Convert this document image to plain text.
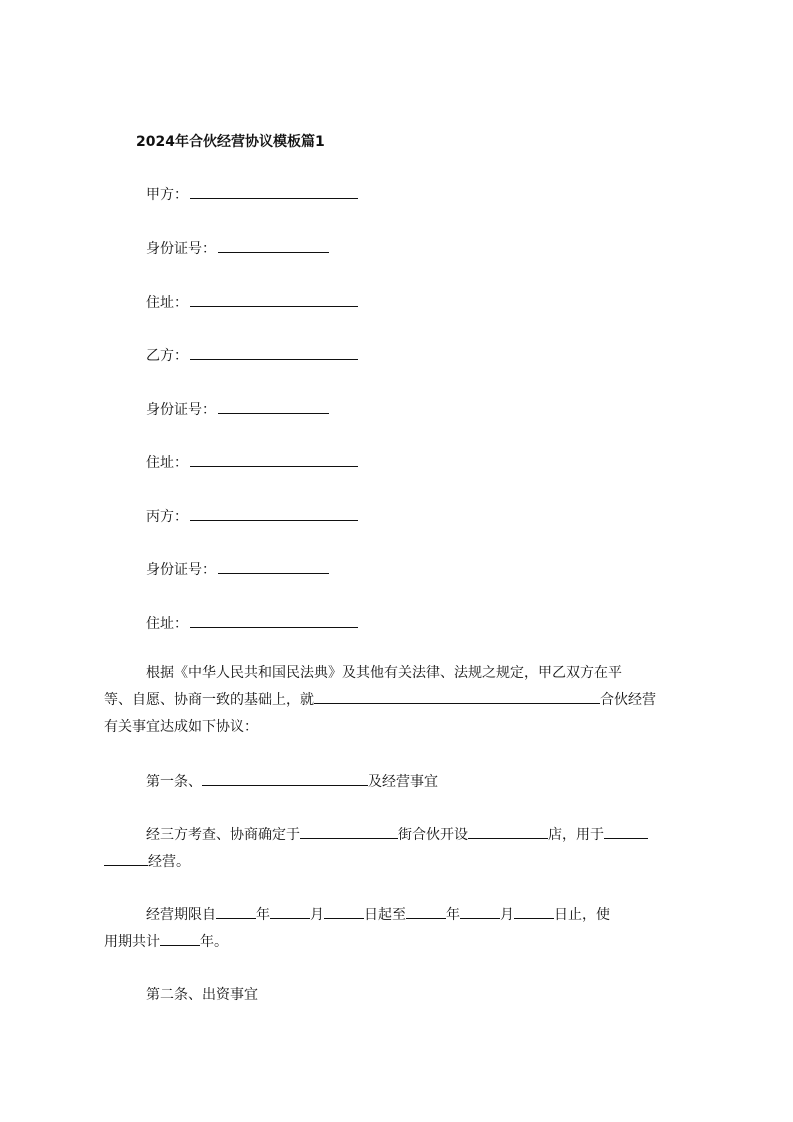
2024年合伙经营协议模板篇1
甲方：
身份证号：
住址：
乙方：
身份证号：
住址：
丙方：
身份证号：
住址：
根据《中华人民共和国民法典》及其他有关法律、法规之规定，甲乙双方在平
等、自愿、协商一致的基础上，就	合伙经营
有关事宜达成如下协议：
第一条、	及经营事宜
经三方考查、协商确定于	街合伙开设	店，用于
经营。
经营期限自	年	月	日起至	年	月	日止，使
用期共计	年。
第二条、出资事宜
